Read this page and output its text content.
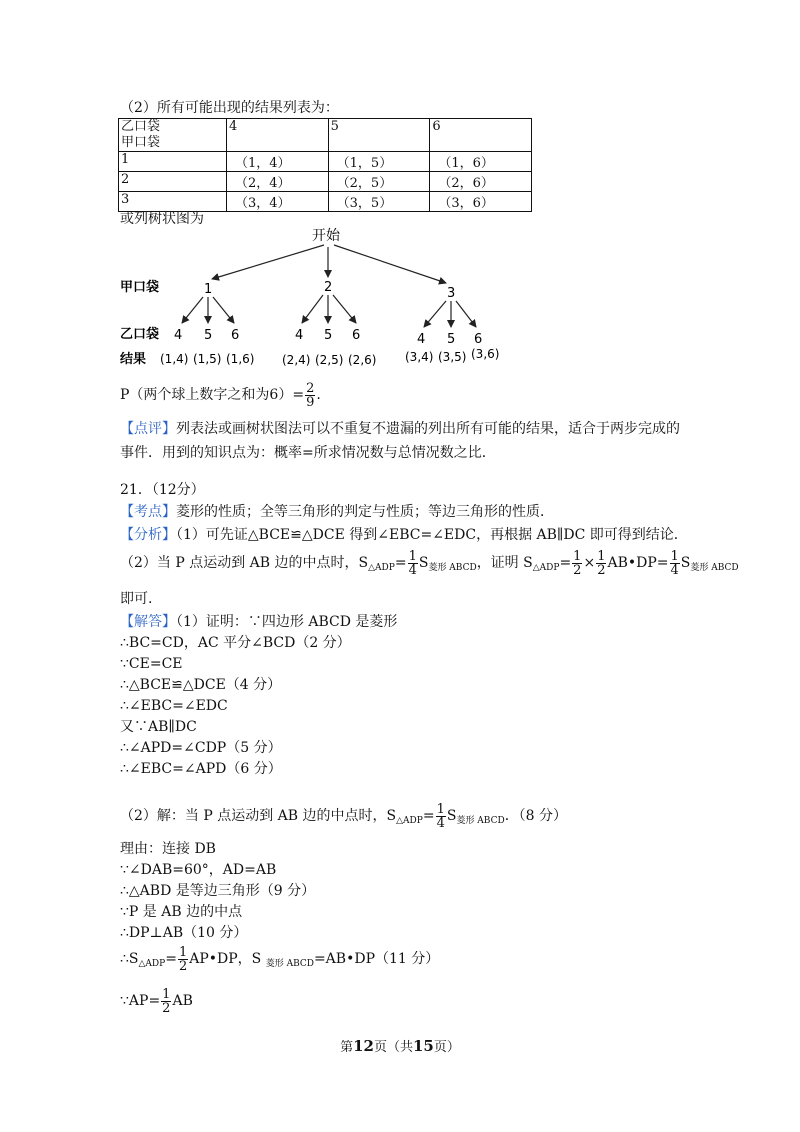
（2）所有可能出现的结果列表为：
乙口袋
甲口袋	4	5	6
1	（1，4）	（1，5）	（1，6）
2	（2，4）	（2，5）	（2，6）
3	（3，4）	（3，5）	（3，6）
或列树状图为
开始
甲口袋
乙口袋
结果
1	2	3
4 5 6	4 5 6	4 5 6
(1,4) (1,5) (1,6) (2,4) (2,5) (2,6) (3,4) (3,5) (3,6)
P（两个球上数字之和为$6)= \frac{2}{9}$ .
【点评】列表法或画树状图法可以不重复不遗漏的列出所有可能的结果，适合于两步完成的
事件．用到的知识点为：概率=所求情况数与总情况数之比．
21．（12分）
【考点】菱形的性质；全等三角形的判定与性质；等边三角形的性质．
【分析】（1）可先证△BCE≌△DCE 得到∠EBC=∠EDC，再根据 AB∥DC 即可得到结论．
（2）当 P 点运动到 AB 边的中点时，$S_{\triangle ADP}= \frac{1}{4} S_{菱形 ABCD}$，证明 $S_{\triangle ADP}= \frac{1}{2} \times \frac{1}{2}$ AB•DP= $\frac{1}{4} S_{菱形 ABCD}$
即可.
【解答】（1）证明：∵四边形 ABCD 是菱形
∴BC=CD，AC 平分∠BCD（2 分）
∵CE=CE
∴△BCE≌△DCE（4 分）
∴∠EBC=∠EDC
又∵AB∥DC
∴∠APD=∠CDP（5 分）
∴∠EBC=∠APD（6 分）
（2）解：当 P 点运动到 AB 边的中点时，$S_{\triangle ADP}= \frac{1}{4} S_{菱形 ABCD}$．（8 分）
理由：连接 DB
∵∠DAB=60°，AD=AB
∴△ABD 是等边三角形（9 分）
∵P 是 AB 边的中点
∴DP⊥AB（10 分）
$\therefore S_{\triangle ADP}= \frac{1}{2}$ AP•DP，S $_{菱形 ABCD}$=AB•DP（11 分）
∵AP= $\frac{1}{2}$ AB
第12页（共15页）
